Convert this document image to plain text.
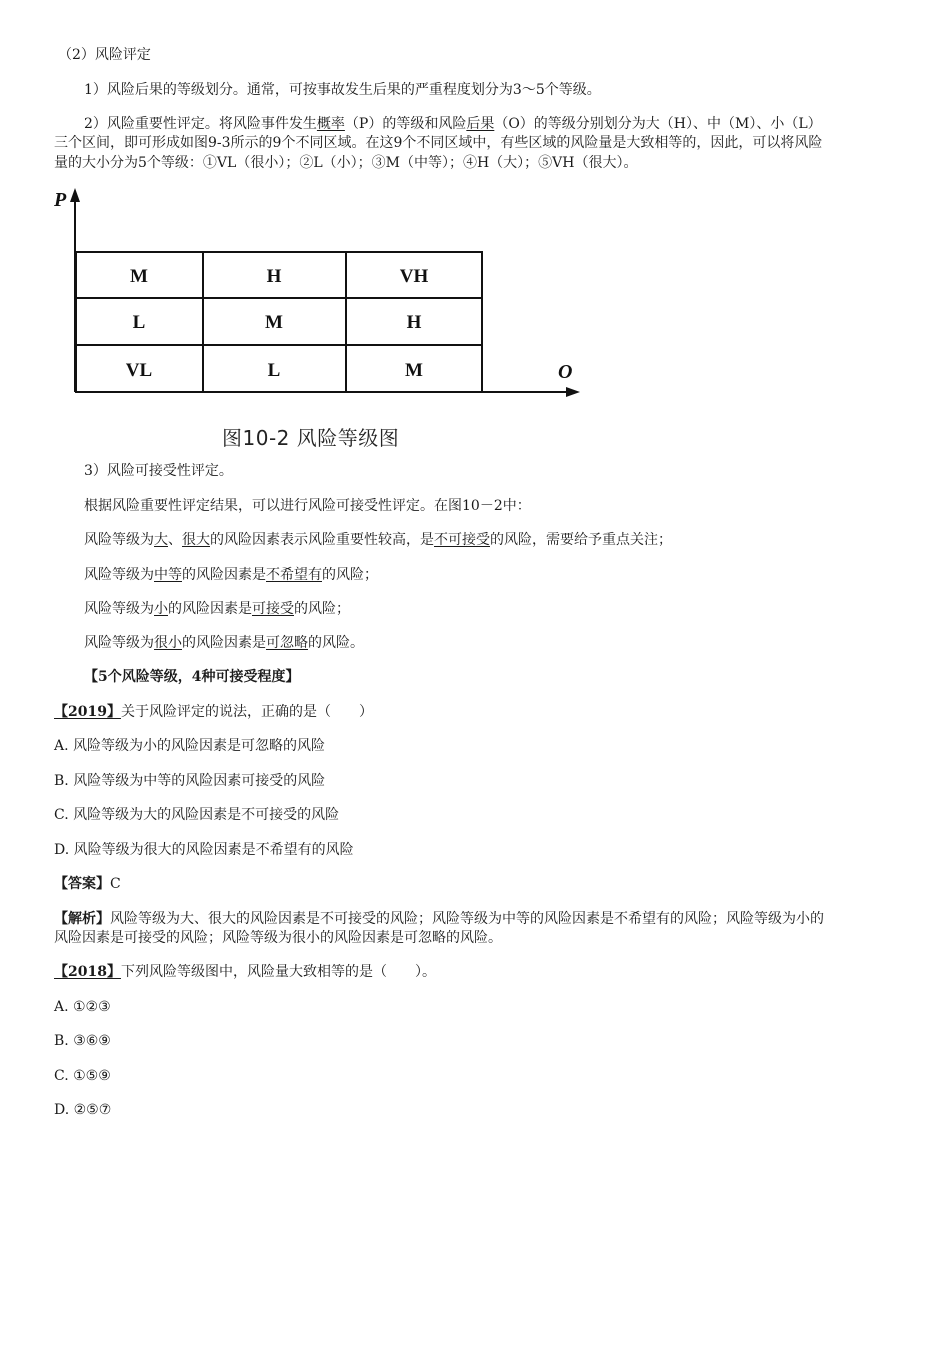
（2）风险评定
1）风险后果的等级划分。通常，可按事故发生后果的严重程度划分为3～5个等级。
2）风险重要性评定。将风险事件发生概率（P）的等级和风险后果（O）的等级分别划分为大（H）、中（M）、小（L）
三个区间，即可形成如图9-3所示的9个不同区域。在这9个不同区域中，有些区域的风险量是大致相等的，因此，可以将风险
量的大小分为5个等级：①VL（很小）；②L（小）；③M（中等）；④H（大）；⑤VH（很大）。
P
O
M	H	VH
L	M	H
VL	L	M
图10-2 风险等级图
3）风险可接受性评定。
根据风险重要性评定结果，可以进行风险可接受性评定。在图10－2中：
风险等级为大、很大的风险因素表示风险重要性较高，是不可接受的风险，需要给予重点关注；
风险等级为中等的风险因素是不希望有的风险；
风险等级为小的风险因素是可接受的风险；
风险等级为很小的风险因素是可忽略的风险。
【5个风险等级，4种可接受程度】
【2019】关于风险评定的说法，正确的是（　　）
A. 风险等级为小的风险因素是可忽略的风险
B. 风险等级为中等的风险因素可接受的风险
C. 风险等级为大的风险因素是不可接受的风险
D. 风险等级为很大的风险因素是不希望有的风险
【答案】C
【解析】风险等级为大、很大的风险因素是不可接受的风险；风险等级为中等的风险因素是不希望有的风险；风险等级为小的
风险因素是可接受的风险；风险等级为很小的风险因素是可忽略的风险。
【2018】下列风险等级图中，风险量大致相等的是（　　）。
A. ①②③
B. ③⑥⑨
C. ①⑤⑨
D. ②⑤⑦
